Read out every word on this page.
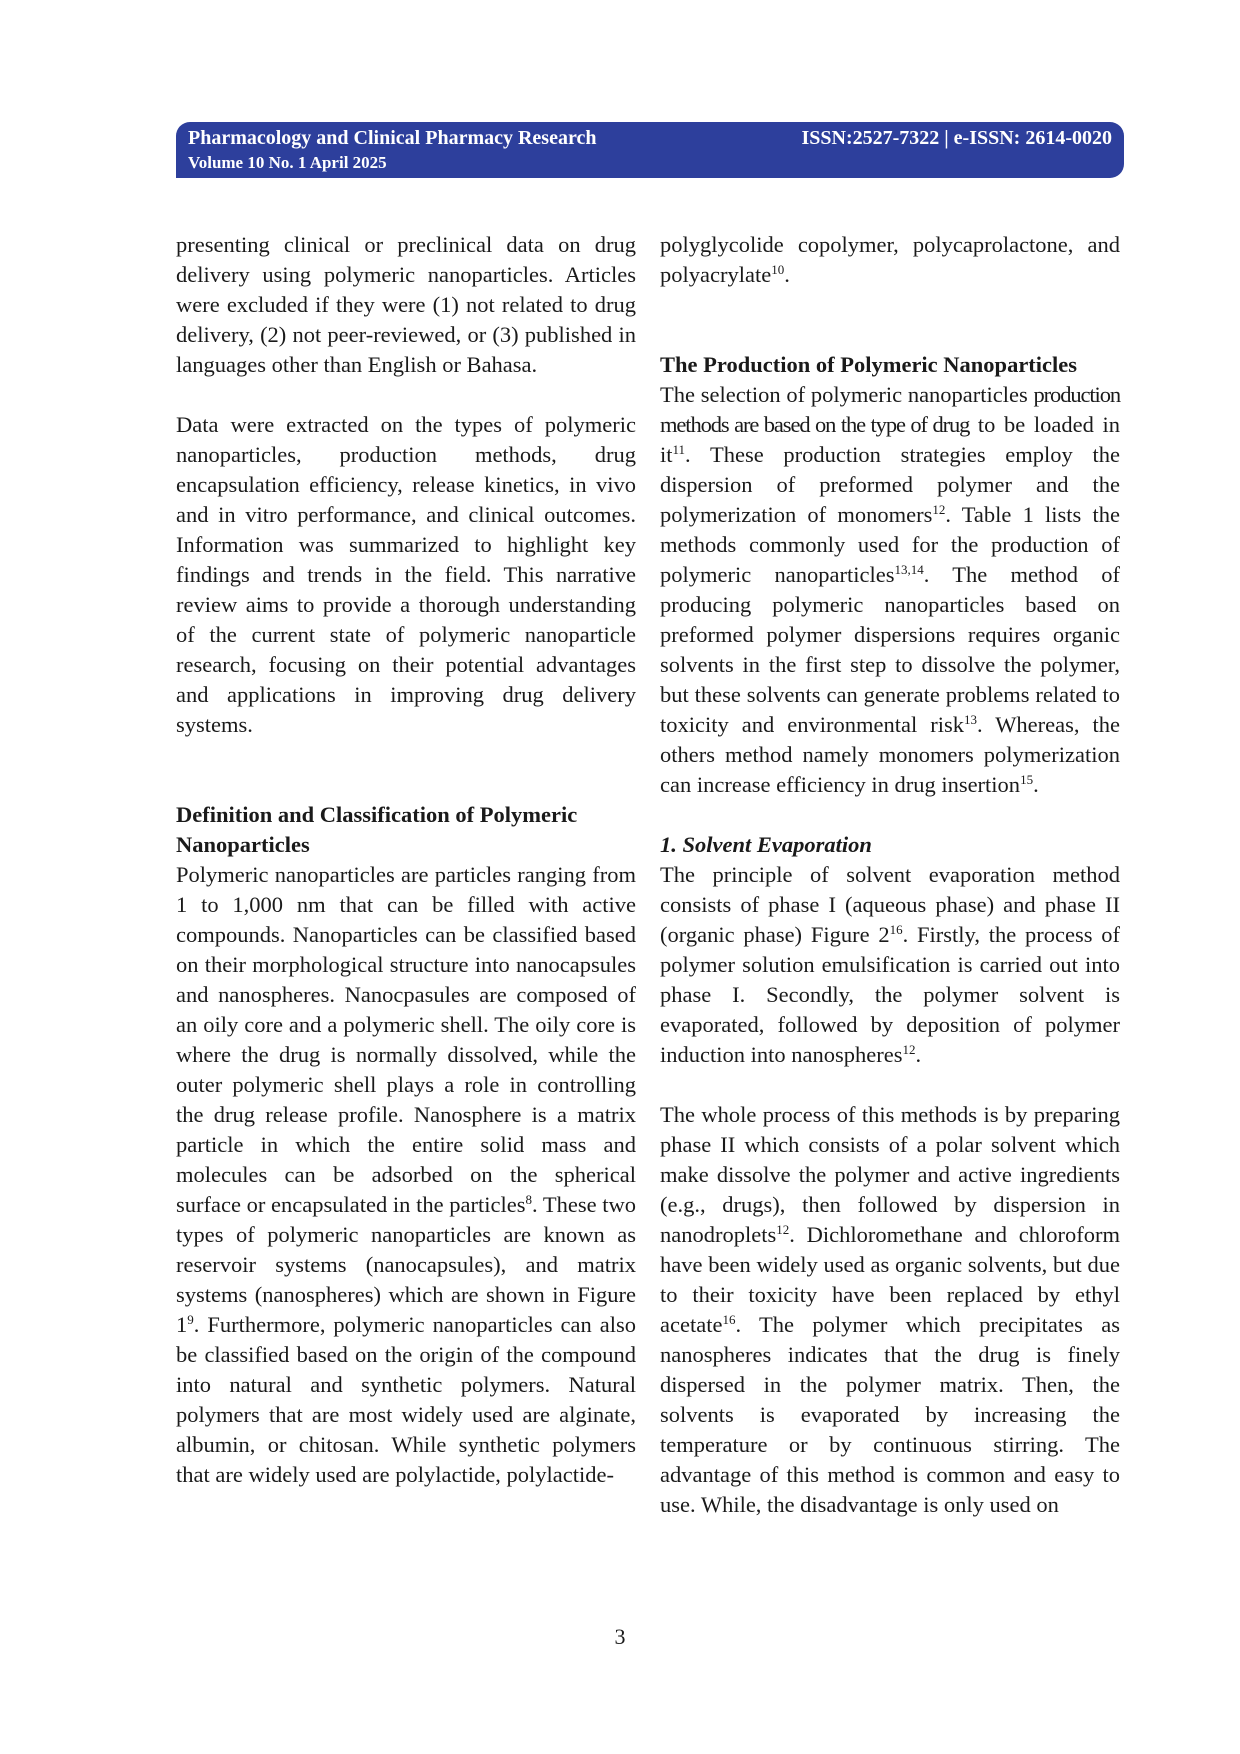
Pharmacology and Clinical Pharmacy Research
Volume 10 No. 1 April 2025
ISSN:2527-7322 | e-ISSN: 2614-0020

presenting clinical or preclinical data on drug delivery using polymeric nanoparticles. Articles were excluded if they were (1) not related to drug delivery, (2) not peer-reviewed, or (3) published in languages other than English or Bahasa.

Data were extracted on the types of polymeric nanoparticles, production methods, drug encapsulation efficiency, release kinetics, in vivo and in vitro performance, and clinical outcomes. Information was summarized to highlight key findings and trends in the field. This narrative review aims to provide a thorough understanding of the current state of polymeric nanoparticle research, focusing on their potential advantages and applications in improving drug delivery systems.

Definition and Classification of Polymeric Nanoparticles

Polymeric nanoparticles are particles ranging from 1 to 1,000 nm that can be filled with active compounds. Nanoparticles can be classified based on their morphological structure into nanocapsules and nanospheres. Nanocpasules are composed of an oily core and a polymeric shell. The oily core is where the drug is normally dissolved, while the outer polymeric shell plays a role in controlling the drug release profile. Nanosphere is a matrix particle in which the entire solid mass and molecules can be adsorbed on the spherical surface or encapsulated in the particles$^8$. These two types of polymeric nanoparticles are known as reservoir systems (nanocapsules), and matrix systems (nanospheres) which are shown in Figure $1^9$. Furthermore, polymeric nanoparticles can also be classified based on the origin of the compound into natural and synthetic polymers. Natural polymers that are most widely used are alginate, albumin, or chitosan. While synthetic polymers that are widely used are polylactide, polylactide-

polyglycolide copolymer, polycaprolactone, and polyacrylate$^{10}$.

The Production of Polymeric Nanoparticles

The selection of polymeric nanoparticles production methods are based on the type of drug to be loaded in $it^{11}$. These production strategies employ the dispersion of preformed polymer and the polymerization of monomers$^{12}$. Table 1 lists the methods commonly used for the production of polymeric nanoparticles$^{13,14}$. The method of producing polymeric nanoparticles based on preformed polymer dispersions requires organic solvents in the first step to dissolve the polymer, but these solvents can generate problems related to toxicity and environmental risk$^{13}$. Whereas, the others method namely monomers polymerization can increase efficiency in drug insertion$^{15}$.

1. Solvent Evaporation

The principle of solvent evaporation method consists of phase I (aqueous phase) and phase II (organic phase) Figure $2^{16}$. Firstly, the process of polymer solution emulsification is carried out into phase I. Secondly, the polymer solvent is evaporated, followed by deposition of polymer induction into nanospheres$^{12}$.

The whole process of this methods is by preparing phase II which consists of a polar solvent which make dissolve the polymer and active ingredients (e.g., drugs), then followed by dispersion in nanodroplets$^{12}$. Dichloromethane and chloroform have been widely used as organic solvents, but due to their toxicity have been replaced by ethyl acetate$^{16}$. The polymer which precipitates as nanospheres indicates that the drug is finely dispersed in the polymer matrix. Then, the solvents is evaporated by increasing the temperature or by continuous stirring. The advantage of this method is common and easy to use. While, the disadvantage is only used on

3
